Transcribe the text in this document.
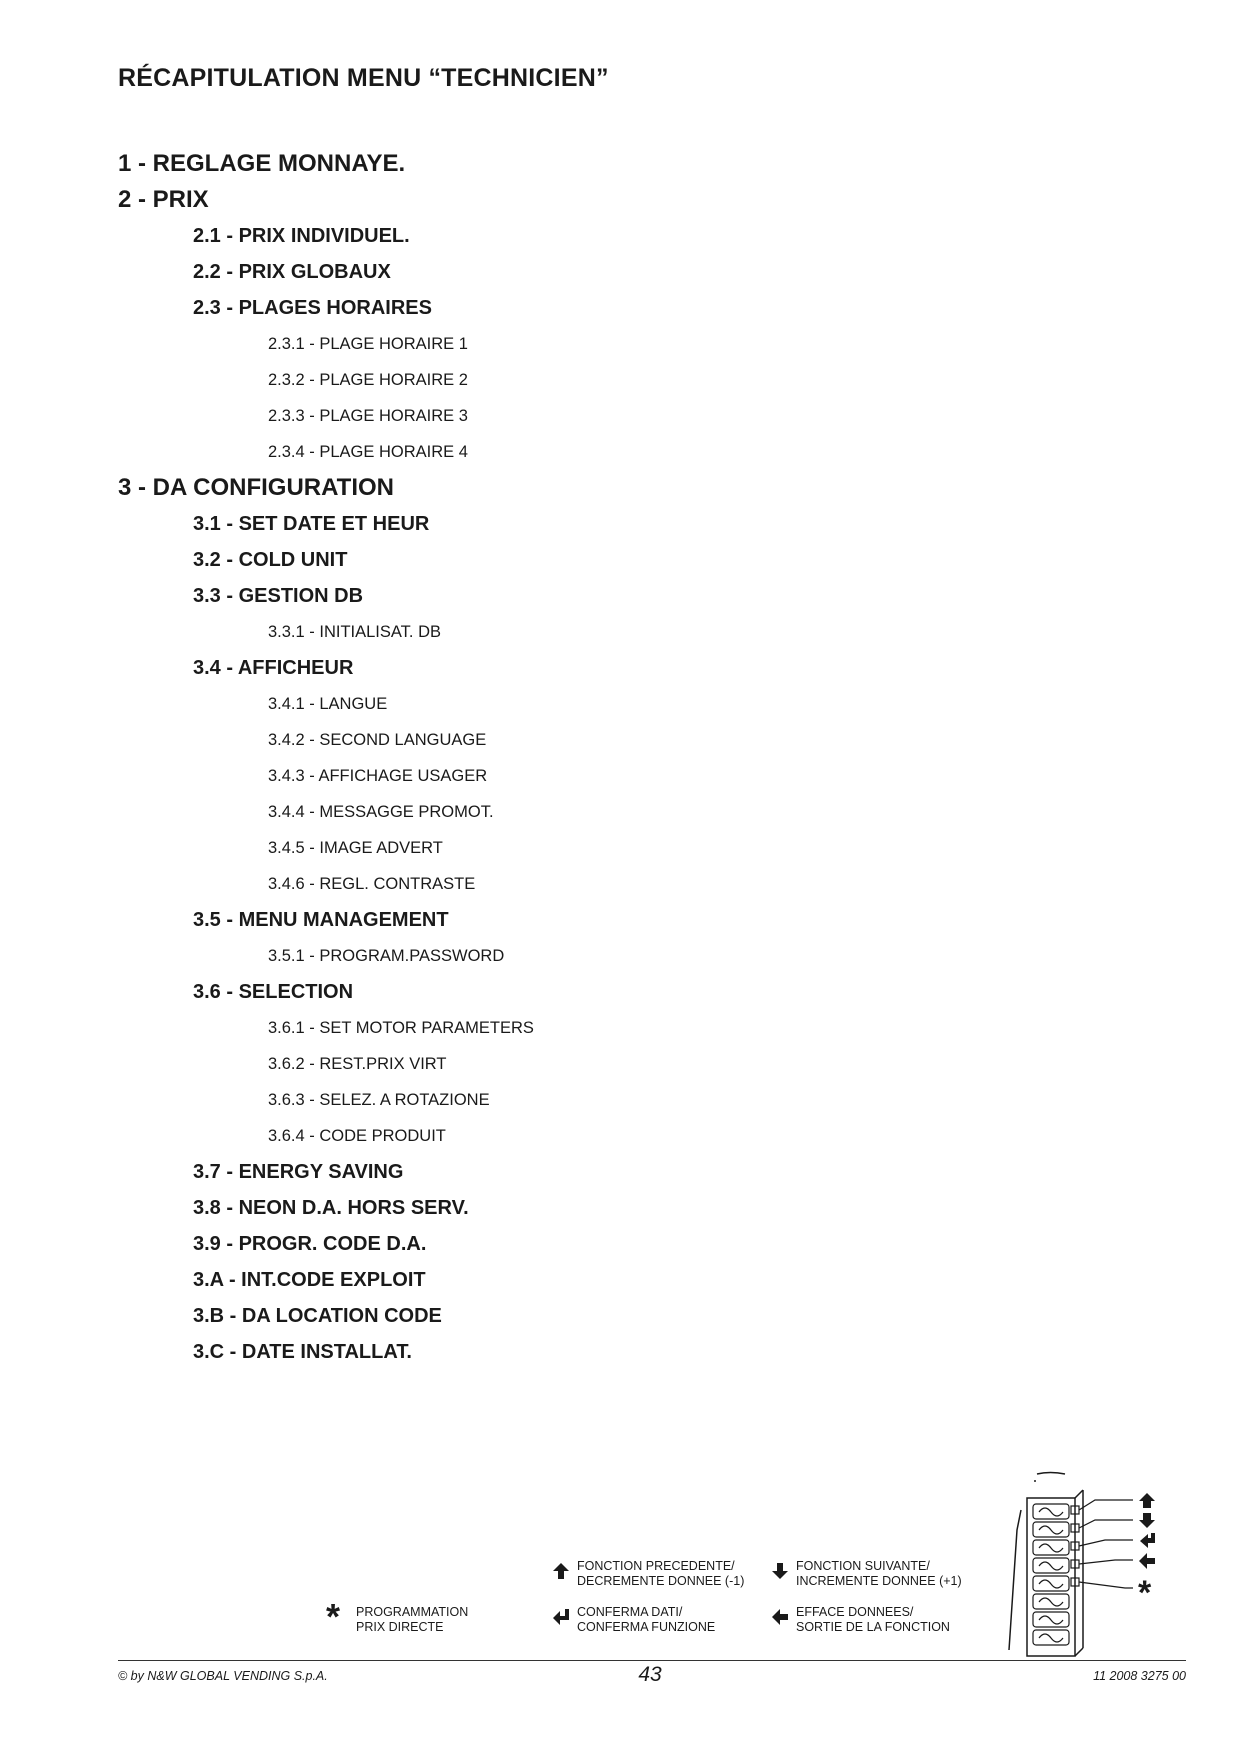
RÉCAPITULATION MENU “TECHNICIEN”
1 - REGLAGE MONNAYE.
2 - PRIX
2.1 - PRIX INDIVIDUEL.
2.2 - PRIX GLOBAUX
2.3 - PLAGES HORAIRES
2.3.1 - PLAGE HORAIRE 1
2.3.2 - PLAGE HORAIRE 2
2.3.3 - PLAGE HORAIRE 3
2.3.4 - PLAGE HORAIRE 4
3 - DA CONFIGURATION
3.1 - SET DATE ET HEUR
3.2 - COLD UNIT
3.3 - GESTION DB
3.3.1 - INITIALISAT. DB
3.4 - AFFICHEUR
3.4.1 - LANGUE
3.4.2 - SECOND LANGUAGE
3.4.3 - AFFICHAGE USAGER
3.4.4 - MESSAGGE PROMOT.
3.4.5 - IMAGE ADVERT
3.4.6 - REGL. CONTRASTE
3.5 - MENU MANAGEMENT
3.5.1 - PROGRAM.PASSWORD
3.6 - SELECTION
3.6.1 - SET MOTOR PARAMETERS
3.6.2 - REST.PRIX VIRT
3.6.3 - SELEZ. A ROTAZIONE
3.6.4 - CODE PRODUIT
3.7 - ENERGY SAVING
3.8 - NEON D.A. HORS SERV.
3.9 - PROGR. CODE D.A.
3.A - INT.CODE EXPLOIT
3.B - DA LOCATION CODE
3.C - DATE INSTALLAT.
* PROGRAMMATION
PRIX DIRECTE
FONCTION PRECEDENTE/
DECREMENTE DONNEE (-1)
FONCTION SUIVANTE/
INCREMENTE DONNEE (+1)
CONFERMA DATI/
CONFERMA FUNZIONE
EFFACE DONNEES/
SORTIE DE LA FONCTION
*
© by N&W GLOBAL VENDING S.p.A.	43	11 2008 3275 00
